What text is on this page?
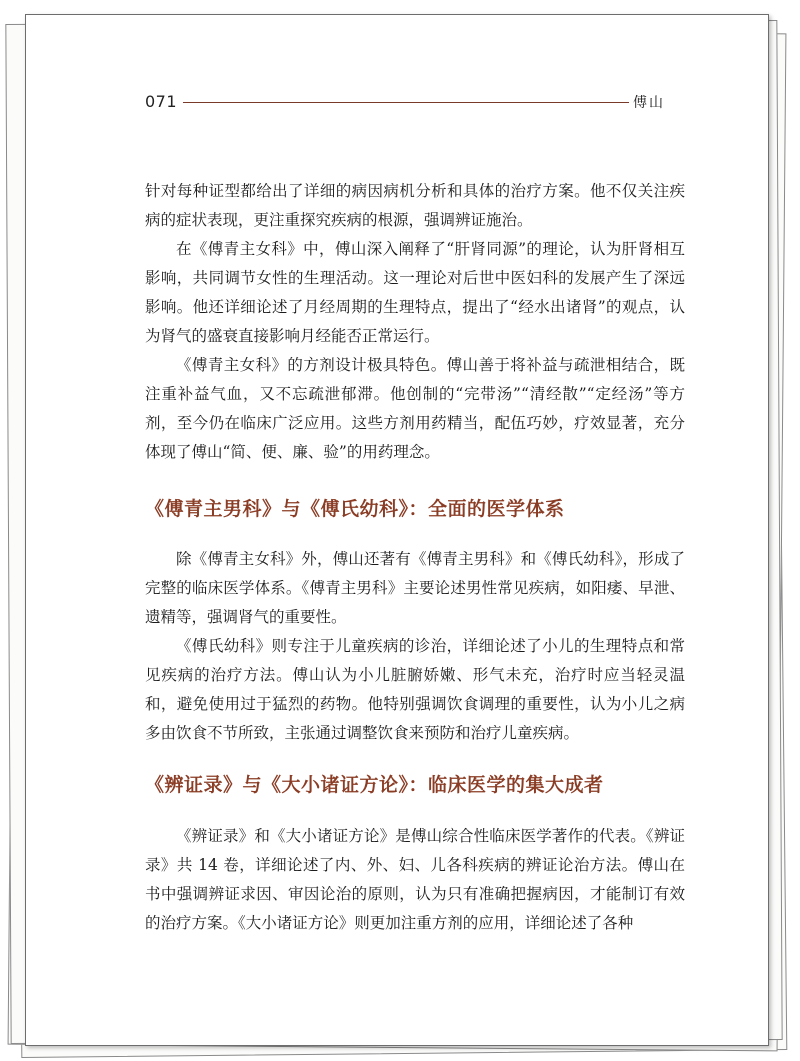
071	傅山

针对每种证型都给出了详细的病因病机分析和具体的治疗方案。他不仅关注疾病的症状表现，更注重探究疾病的根源，强调辨证施治。

在《傅青主女科》中，傅山深入阐释了“肝肾同源”的理论，认为肝肾相互影响，共同调节女性的生理活动。这一理论对后世中医妇科的发展产生了深远影响。他还详细论述了月经周期的生理特点，提出了“经水出诸肾”的观点，认为肾气的盛衰直接影响月经能否正常运行。

《傅青主女科》的方剂设计极具特色。傅山善于将补益与疏泄相结合，既注重补益气血，又不忘疏泄郁滞。他创制的“完带汤”“清经散”“定经汤”等方剂，至今仍在临床广泛应用。这些方剂用药精当，配伍巧妙，疗效显著，充分体现了傅山“简、便、廉、验”的用药理念。

《傅青主男科》与《傅氏幼科》：全面的医学体系

除《傅青主女科》外，傅山还著有《傅青主男科》和《傅氏幼科》，形成了完整的临床医学体系。《傅青主男科》主要论述男性常见疾病，如阳痿、早泄、遗精等，强调肾气的重要性。

《傅氏幼科》则专注于儿童疾病的诊治，详细论述了小儿的生理特点和常见疾病的治疗方法。傅山认为小儿脏腑娇嫩、形气未充，治疗时应当轻灵温和，避免使用过于猛烈的药物。他特别强调饮食调理的重要性，认为小儿之病多由饮食不节所致，主张通过调整饮食来预防和治疗儿童疾病。

《辨证录》与《大小诸证方论》：临床医学的集大成者

《辨证录》和《大小诸证方论》是傅山综合性临床医学著作的代表。《辨证录》共 14 卷，详细论述了内、外、妇、儿各科疾病的辨证论治方法。傅山在书中强调辨证求因、审因论治的原则，认为只有准确把握病因，才能制订有效的治疗方案。《大小诸证方论》则更加注重方剂的应用，详细论述了各种
